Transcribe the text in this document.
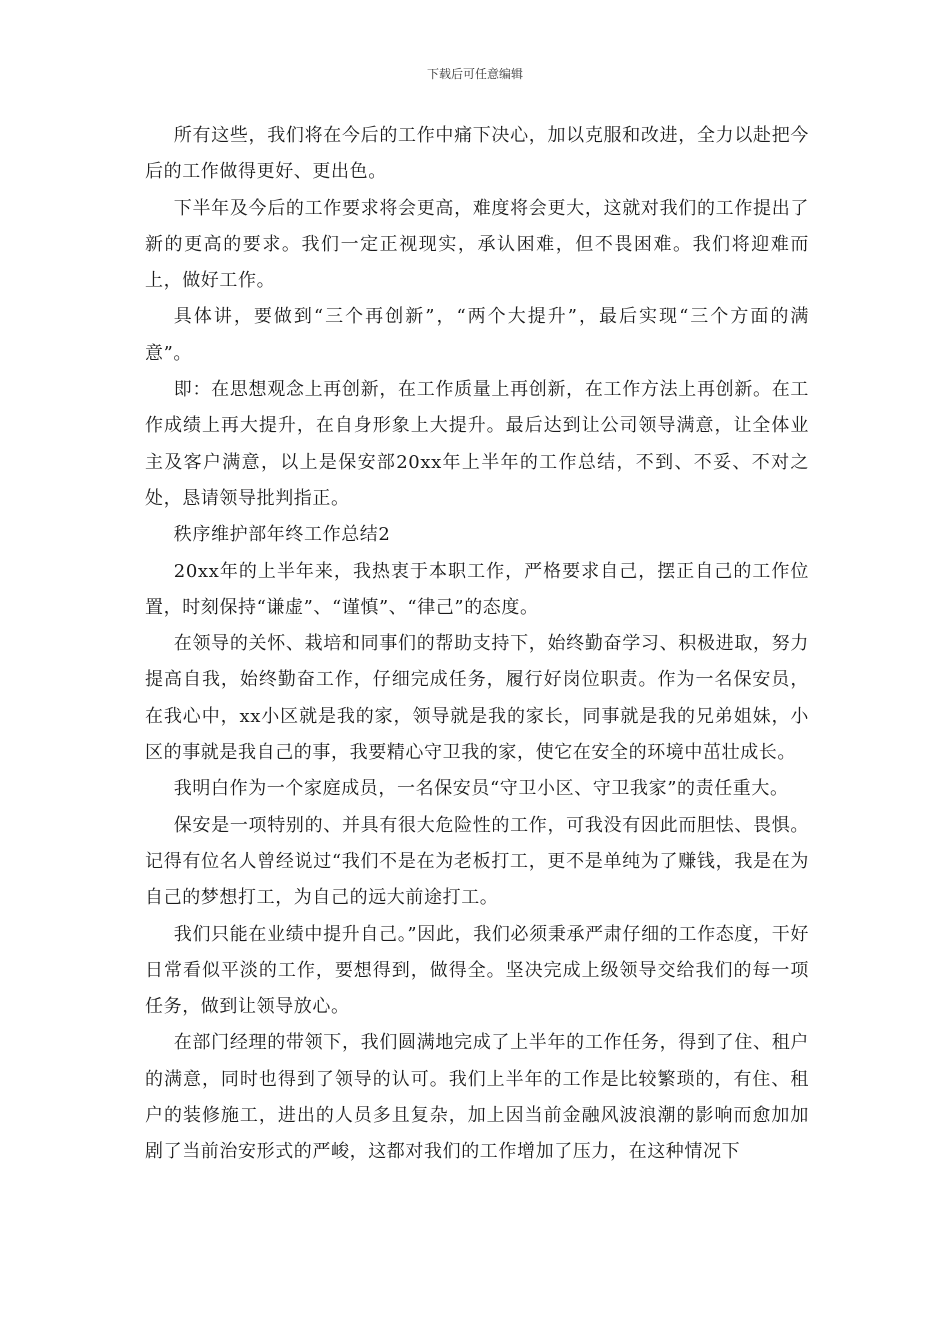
下载后可任意编辑

所有这些，我们将在今后的工作中痛下决心，加以克服和改进，全力以赴把今后的工作做得更好、更出色。

下半年及今后的工作要求将会更高，难度将会更大，这就对我们的工作提出了新的更高的要求。我们一定正视现实，承认困难，但不畏困难。我们将迎难而上，做好工作。

具体讲，要做到“三个再创新”，“两个大提升”，最后实现“三个方面的满意”。

即：在思想观念上再创新，在工作质量上再创新，在工作方法上再创新。在工作成绩上再大提升，在自身形象上大提升。最后达到让公司领导满意，让全体业主及客户满意，以上是保安部20xx年上半年的工作总结，不到、不妥、不对之处，恳请领导批判指正。

秩序维护部年终工作总结2

20xx年的上半年来，我热衷于本职工作，严格要求自己，摆正自己的工作位置，时刻保持“谦虚”、“谨慎”、“律己”的态度。

在领导的关怀、栽培和同事们的帮助支持下，始终勤奋学习、积极进取，努力提高自我，始终勤奋工作，仔细完成任务，履行好岗位职责。作为一名保安员，在我心中，xx小区就是我的家，领导就是我的家长，同事就是我的兄弟姐妹，小区的事就是我自己的事，我要精心守卫我的家，使它在安全的环境中茁壮成长。

我明白作为一个家庭成员，一名保安员“守卫小区、守卫我家”的责任重大。

保安是一项特别的、并具有很大危险性的工作，可我没有因此而胆怯、畏惧。记得有位名人曾经说过“我们不是在为老板打工，更不是单纯为了赚钱，我是在为自己的梦想打工，为自己的远大前途打工。

我们只能在业绩中提升自己。”因此，我们必须秉承严肃仔细的工作态度，干好日常看似平淡的工作，要想得到，做得全。坚决完成上级领导交给我们的每一项任务，做到让领导放心。

在部门经理的带领下，我们圆满地完成了上半年的工作任务，得到了住、租户的满意，同时也得到了领导的认可。我们上半年的工作是比较繁琐的，有住、租户的装修施工，进出的人员多且复杂，加上因当前金融风波浪潮的影响而愈加加剧了当前治安形式的严峻，这都对我们的工作增加了压力，在这种情况下
